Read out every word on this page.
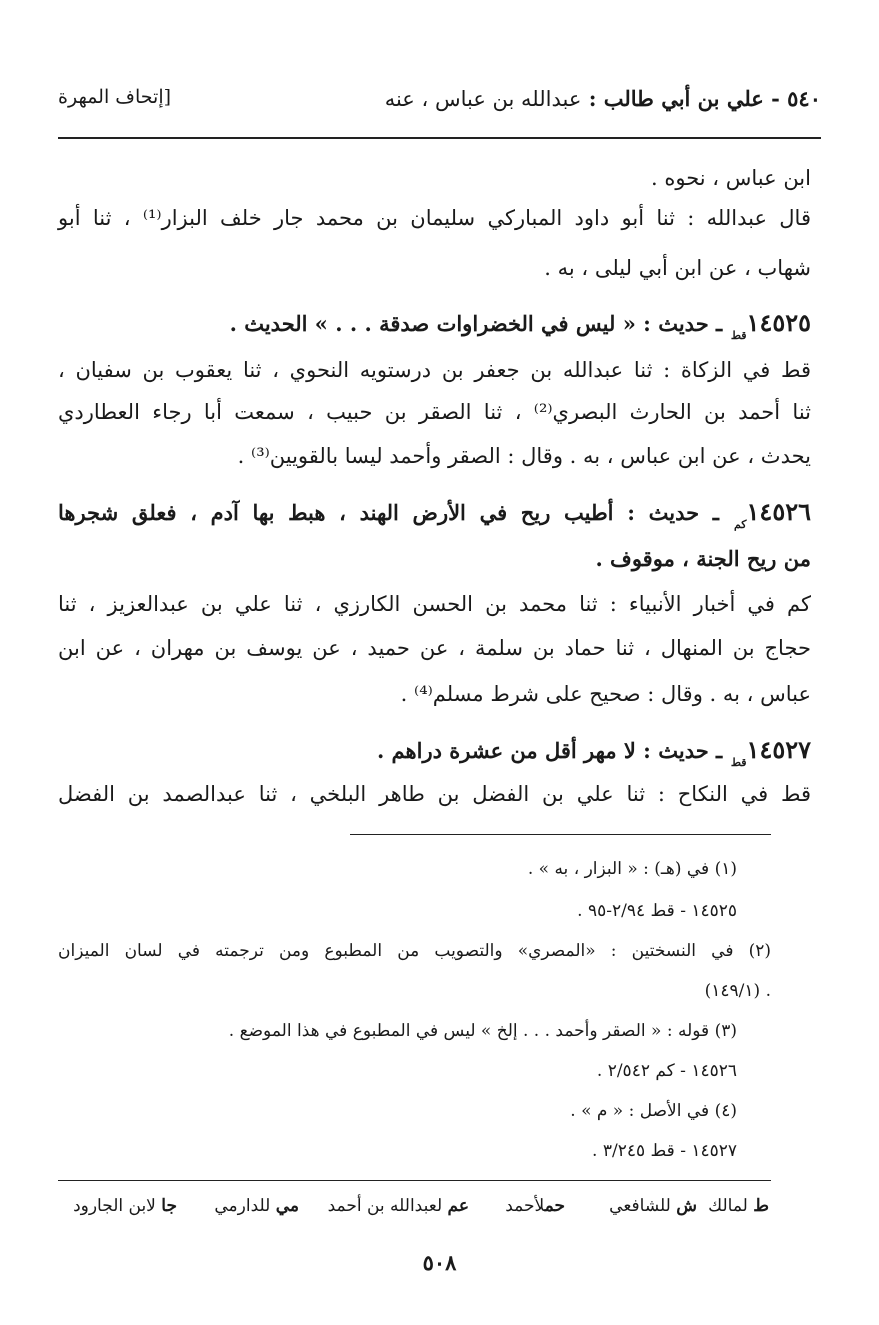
٥٤٠ - علي بن أبي طالب : عبدالله بن عباس ، عنه
[إتحاف المهرة
ابن عباس ، نحوه .
قال عبدالله : ثنا أبو داود المباركي سليمان بن محمد جار خلف البزار⁽¹⁾ ، ثنا أبو
شهاب ، عن ابن أبي ليلى ، به .
$١٤٥٢٥_{قط}$ ـ حديث : « ليس في الخضراوات صدقة . . . » الحديث .
قط في الزكاة : ثنا عبدالله بن جعفر بن درستويه النحوي ، ثنا يعقوب بن سفيان ،
ثنا أحمد بن الحارث البصري⁽²⁾ ، ثنا الصقر بن حبيب ، سمعت أبا رجاء العطاردي
يحدث ، عن ابن عباس ، به . وقال : الصقر وأحمد ليسا بالقويين⁽³⁾ .
$١٤٥٢٦_{كم}$ ـ حديث : أطيب ريح في الأرض الهند ، هبط بها آدم ، فعلق شجرها
من ريح الجنة ، موقوف .
كم في أخبار الأنبياء : ثنا محمد بن الحسن الكارزي ، ثنا علي بن عبدالعزيز ، ثنا
حجاج بن المنهال ، ثنا حماد بن سلمة ، عن حميد ، عن يوسف بن مهران ، عن ابن
عباس ، به . وقال : صحيح على شرط مسلم⁽⁴⁾ .
$١٤٥٢٧_{قط}$ ـ حديث : لا مهر أقل من عشرة دراهم .
قط في النكاح : ثنا علي بن الفضل بن طاهر البلخي ، ثنا عبدالصمد بن الفضل
(١) في (هـ) : « البزار ، به » .
١٤٥٢٥ - قط ٢/٩٤-٩٥ .
(٢) في النسختين : «المصري» والتصويب من المطبوع ومن ترجمته في لسان الميزان
. (١٤٩/١)
(٣) قوله : « الصقر وأحمد . . . إلخ » ليس في المطبوع في هذا الموضع .
١٤٥٢٦ - كم ٢/٥٤٢ .
(٤) في الأصل : « م » .
١٤٥٢٧ - قط ٣/٢٤٥ .
ط لمالك
ش للشافعي
حملأحمد
عم لعبدالله بن أحمد
مي للدارمي
جا لابن الجارود
٥٠٨
